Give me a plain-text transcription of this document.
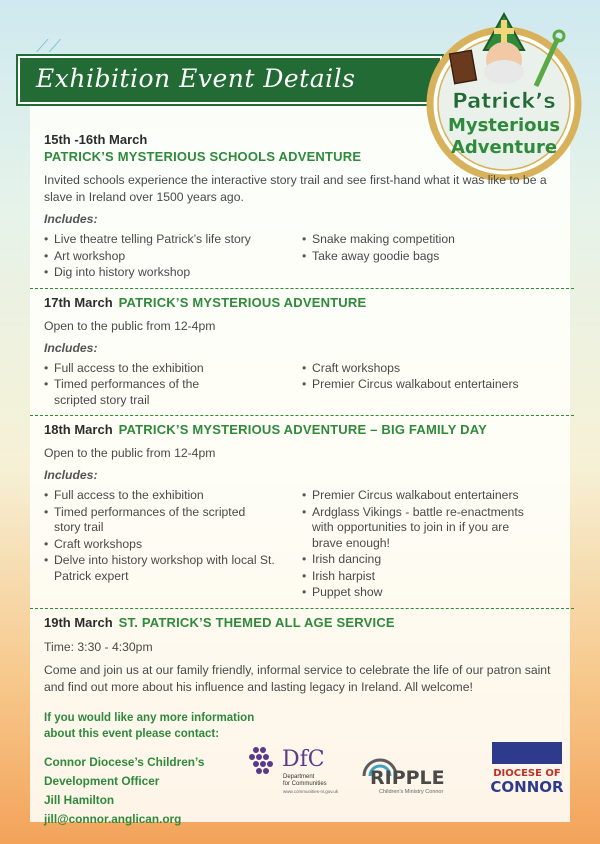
⟋⟋
Exhibition Event Details
Patrick’s
Mysterious
Adventure

15th -16th March

PATRICK’S MYSTERIOUS SCHOOLS ADVENTURE

Invited schools experience the interactive story trail and see first-hand what it was like to be a slave in Ireland over 1500 years ago.

Includes:

• Live theatre telling Patrick’s life story
• Art workshop
• Dig into history workshop
• Snake making competition
• Take away goodie bags

17th March PATRICK’S MYSTERIOUS ADVENTURE

Open to the public from 12-4pm

Includes:

• Full access to the exhibition
• Timed performances of the scripted story trail
• Craft workshops
• Premier Circus walkabout entertainers

18th March PATRICK’S MYSTERIOUS ADVENTURE – BIG FAMILY DAY

Open to the public from 12-4pm

Includes:

• Full access to the exhibition
• Timed performances of the scripted story trail
• Craft workshops
• Delve into history workshop with local St. Patrick expert
• Premier Circus walkabout entertainers
• Ardglass Vikings - battle re-enactments with opportunities to join in if you are brave enough!
• Irish dancing
• Irish harpist
• Puppet show

19th March ST. PATRICK’S THEMED ALL AGE SERVICE

Time: 3:30 - 4:30pm

Come and join us at our family friendly, informal service to celebrate the life of our patron saint and find out more about his influence and lasting legacy in Ireland. All welcome!

If you would like any more information about this event please contact:

Connor Diocese’s Children’s Development Officer
Jill Hamilton
jill@connor.anglican.org
DfC
Department
for Communities
www.communities-ni.gov.uk
RIPPLE
Children's Ministry Connor
DIOCESE OF
CONNOR
